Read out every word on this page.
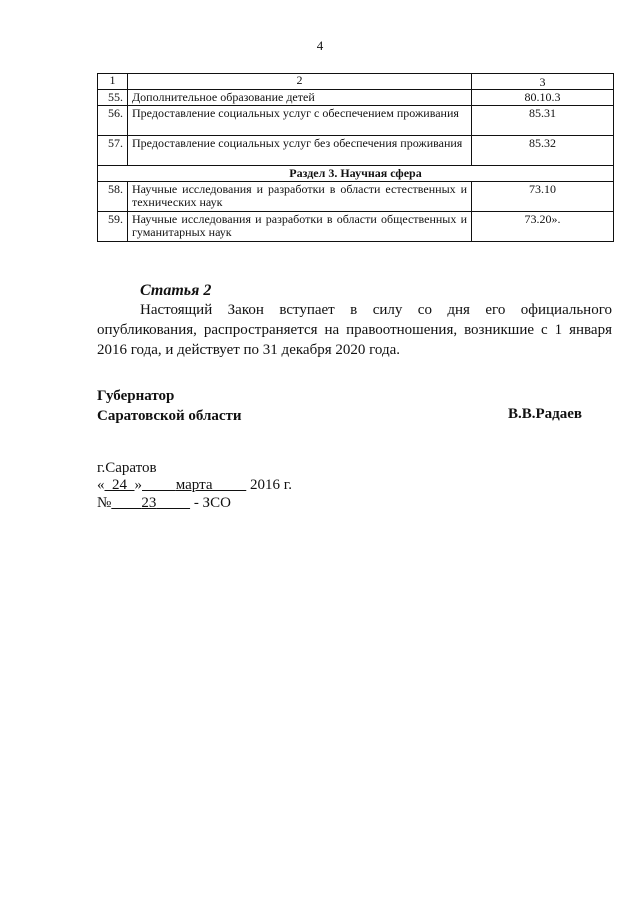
4
1	2	3
55.	Дополнительное образование детей	80.10.3
56.	Предоставление социальных услуг с обеспечением проживания	85.31
57.	Предоставление социальных услуг без обеспечения проживания	85.32
Раздел 3. Научная сфера		
58.	Научные исследования и разработки в области естественных и технических наук	73.10
59.	Научные исследования и разработки в области общественных и гуманитарных наук	73.20».
Статья 2
Настоящий Закон вступает в силу со дня его официального опубликования, распространяется на правоотношения, возникшие с 1 января 2016 года, и действует по 31 декабря 2020 года.
Губернатор
Саратовской области	В.В.Радаев
г.Саратов
« 24 » марта	2016 г.
№ 23	- ЗСО
